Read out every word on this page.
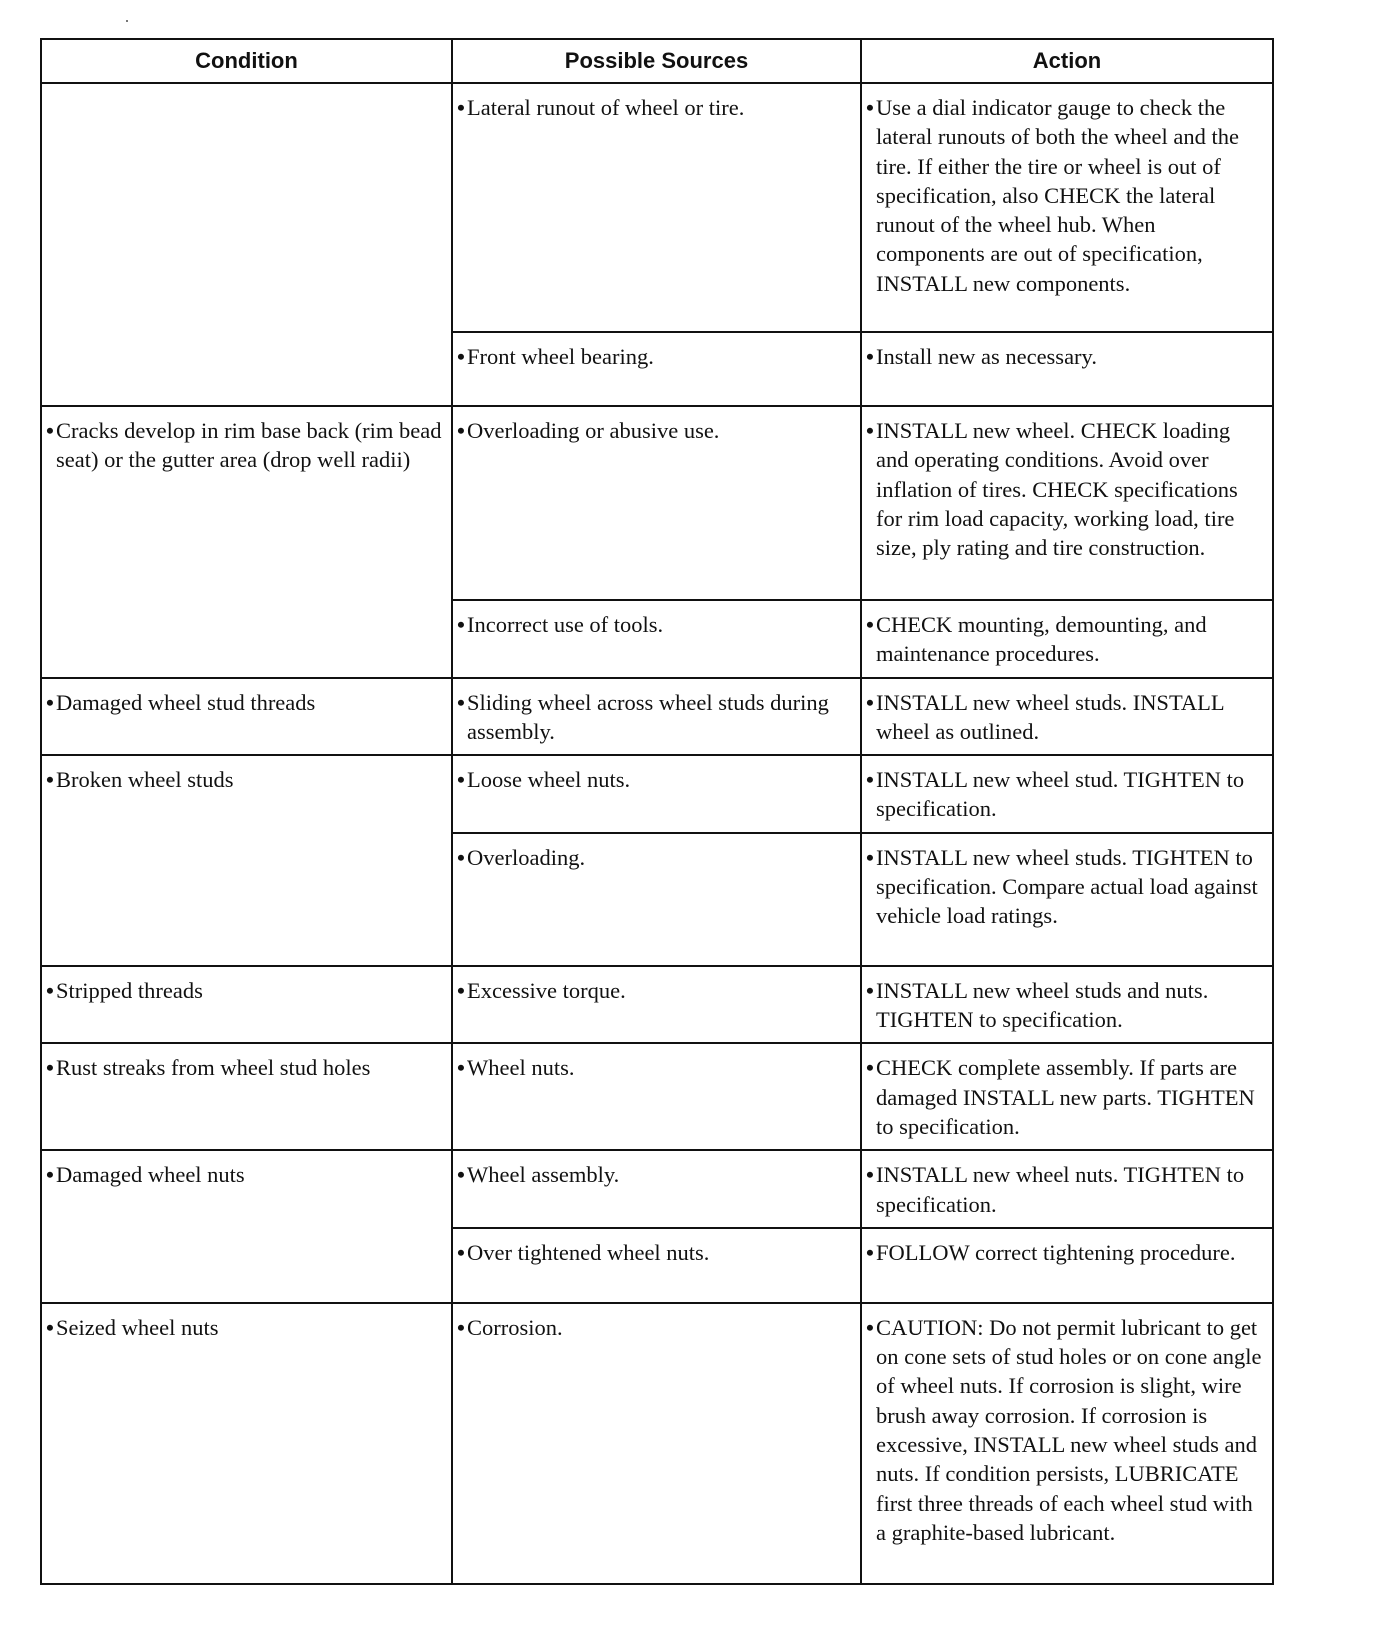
Condition	Possible Sources	Action

	• Lateral runout of wheel or tire.	• Use a dial indicator gauge to check the lateral runouts of both the wheel and the tire. If either the tire or wheel is out of specification, also CHECK the lateral runout of the wheel hub. When components are out of specification, INSTALL new components.

	• Front wheel bearing.	• Install new as necessary.

• Cracks develop in rim base back (rim bead seat) or the gutter area (drop well radii)	• Overloading or abusive use.	• INSTALL new wheel. CHECK loading and operating conditions. Avoid over inflation of tires. CHECK specifications for rim load capacity, working load, tire size, ply rating and tire construction.

	• Incorrect use of tools.	• CHECK mounting, demounting, and maintenance procedures.

• Damaged wheel stud threads	• Sliding wheel across wheel studs during assembly.	• INSTALL new wheel studs. INSTALL wheel as outlined.

• Broken wheel studs	• Loose wheel nuts.	• INSTALL new wheel stud. TIGHTEN to specification.

	• Overloading.	• INSTALL new wheel studs. TIGHTEN to specification. Compare actual load against vehicle load ratings.

• Stripped threads	• Excessive torque.	• INSTALL new wheel studs and nuts. TIGHTEN to specification.

• Rust streaks from wheel stud holes	• Wheel nuts.	• CHECK complete assembly. If parts are damaged INSTALL new parts. TIGHTEN to specification.

• Damaged wheel nuts	• Wheel assembly.	• INSTALL new wheel nuts. TIGHTEN to specification.

	• Over tightened wheel nuts.	• FOLLOW correct tightening procedure.

• Seized wheel nuts	• Corrosion.	• CAUTION: Do not permit lubricant to get on cone sets of stud holes or on cone angle of wheel nuts. If corrosion is slight, wire brush away corrosion. If corrosion is excessive, INSTALL new wheel studs and nuts. If condition persists, LUBRICATE first three threads of each wheel stud with a graphite-based lubricant.
